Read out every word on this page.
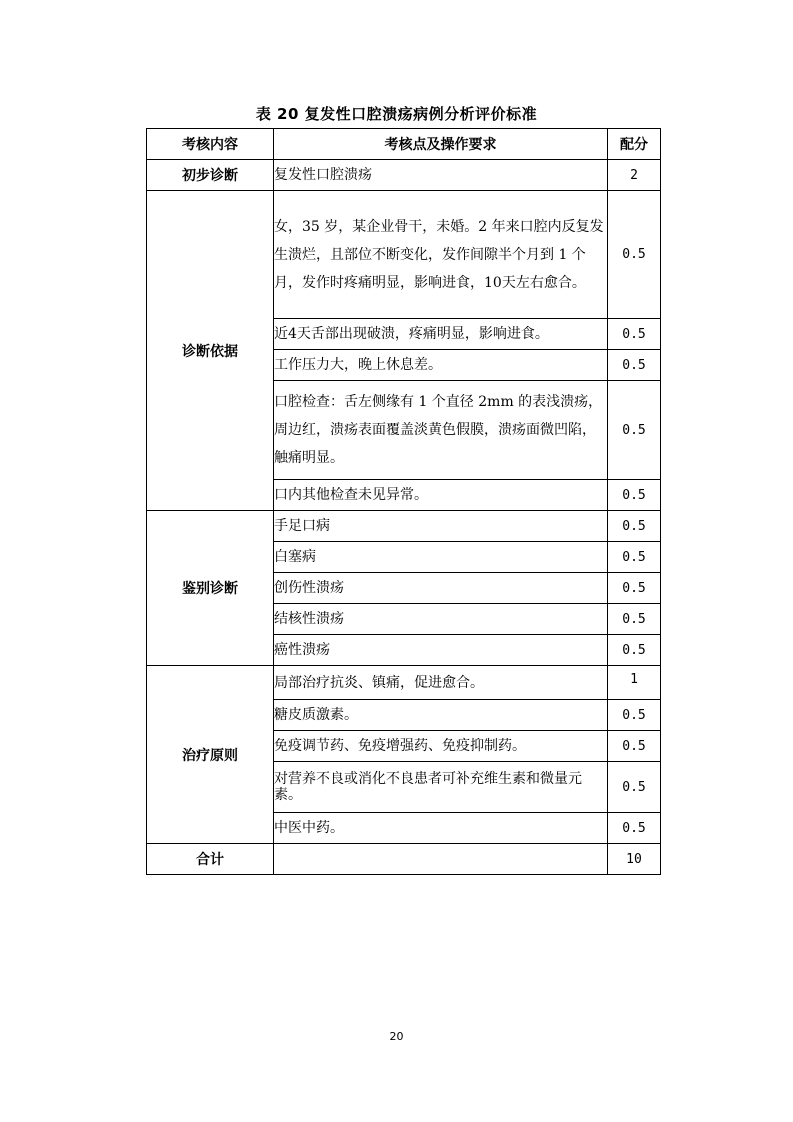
表 20 复发性口腔溃疡病例分析评价标准
考核内容	考核点及操作要求	配分
初步诊断	复发性口腔溃疡	2
诊断依据	女，35 岁，某企业骨干，未婚。2 年来口腔内反复发生溃烂，且部位不断变化，发作间隙半个月到 1 个月，发作时疼痛明显，影响进食，10天左右愈合。	0.5
	近4天舌部出现破溃，疼痛明显，影响进食。	0.5
	工作压力大，晚上休息差。	0.5
	口腔检查：舌左侧缘有 1 个直径 2mm 的表浅溃疡，周边红，溃疡表面覆盖淡黄色假膜，溃疡面微凹陷，触痛明显。	0.5
	口内其他检查未见异常。	0.5
鉴别诊断	手足口病	0.5
	白塞病	0.5
	创伤性溃疡	0.5
	结核性溃疡	0.5
	癌性溃疡	0.5
治疗原则	局部治疗抗炎、镇痛，促进愈合。	1
	糖皮质激素。	0.5
	免疫调节药、免疫增强药、免疫抑制药。	0.5
	对营养不良或消化不良患者可补充维生素和微量元素。	0.5
	中医中药。	0.5
合计		10
20
